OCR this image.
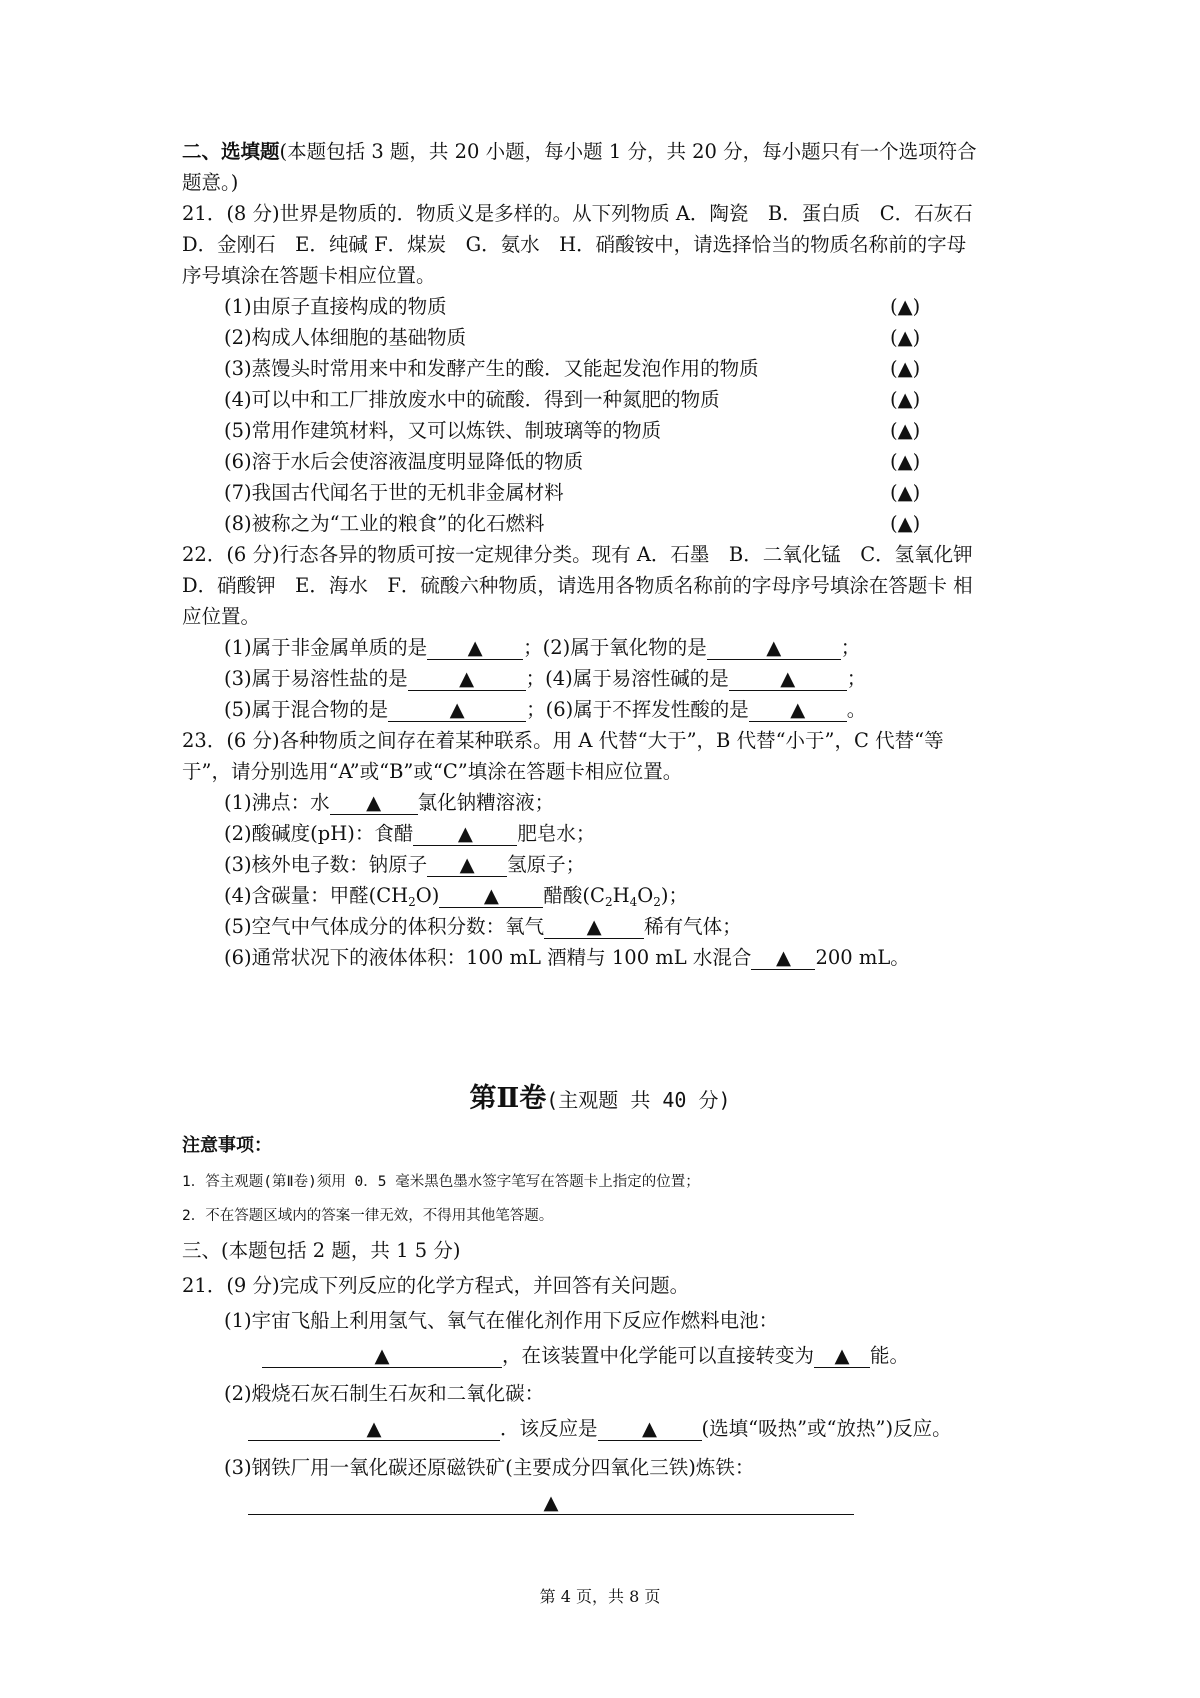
二、选填题(本题包括 3 题，共 20 小题，每小题 1 分，共 20 分，每小题只有一个选项符合
题意。)
21．(8 分)世界是物质的．物质义是多样的。从下列物质 A．陶瓷　B．蛋白质　C．石灰石
D．金刚石　E．纯碱 F．煤炭　G．氨水　H．硝酸铵中，请选择恰当的物质名称前的字母
序号填涂在答题卡相应位置。
(1)由原子直接构成的物质	(▲)
(2)构成人体细胞的基础物质	(▲)
(3)蒸馒头时常用来中和发酵产生的酸．又能起发泡作用的物质	(▲)
(4)可以中和工厂排放废水中的硫酸．得到一种氮肥的物质	(▲)
(5)常用作建筑材料，又可以炼铁、制玻璃等的物质	(▲)
(6)溶于水后会使溶液温度明显降低的物质	(▲)
(7)我国古代闻名于世的无机非金属材料	(▲)
(8)被称之为“工业的粮食”的化石燃料	(▲)
22．(6 分)行态各异的物质可按一定规律分类。现有 A．石墨　B．二氧化锰　C．氢氧化钾
D．硝酸钾　E．海水　F．硫酸六种物质，请选用各物质名称前的字母序号填涂在答题卡 相
应位置。
(1)属于非金属单质的是 ▲ ；(2)属于氧化物的是	▲	；
(3)属于易溶性盐的是	▲	；(4)属于易溶性碱的是	▲	；
(5)属于混合物的是	▲	；(6)属于不挥发性酸的是 ▲ 。
23．(6 分)各种物质之间存在着某种联系。用 A 代替“大于”，B 代替“小于”，C 代替“等
于”，请分别选用“A”或“B”或“C”填涂在答题卡相应位置。
(1)沸点：水 ▲ 氯化钠糟溶液；
(2)酸碱度(pH)：食醋 ▲ 肥皂水；
(3)核外电子数：钠原子 ▲ 氢原子；
(4)含碳量：甲醛$(CH_2O)$ ▲ 醋酸$(C_2H_4O_2)$；
(5)空气中气体成分的体积分数：氧气 ▲ 稀有气体；
(6)通常状况下的液体体积：100 mL 酒精与 100 mL 水混合 ▲ 200 mL。
第Ⅱ卷(主观题 共 40 分)
注意事项：
1．答主观题(第Ⅱ卷)须用 0．5 毫米黑色墨水签字笔写在答题卡上指定的位置；
2．不在答题区域内的答案一律无效，不得用其他笔答题。
三、(本题包括 2 题，共 1 5 分)
21．(9 分)完成下列反应的化学方程式，并回答有关问题。
(1)宇宙飞船上利用氢气、氧气在催化剂作用下反应作燃料电池：
▲	，在该装置中化学能可以直接转变为 ▲ 能。
(2)煅烧石灰石制生石灰和二氧化碳：
▲	．该反应是 ▲ (选填“吸热”或“放热”)反应。
(3)钢铁厂用一氧化碳还原磁铁矿(主要成分四氧化三铁)炼铁：
▲
第 4 页，共 8 页
